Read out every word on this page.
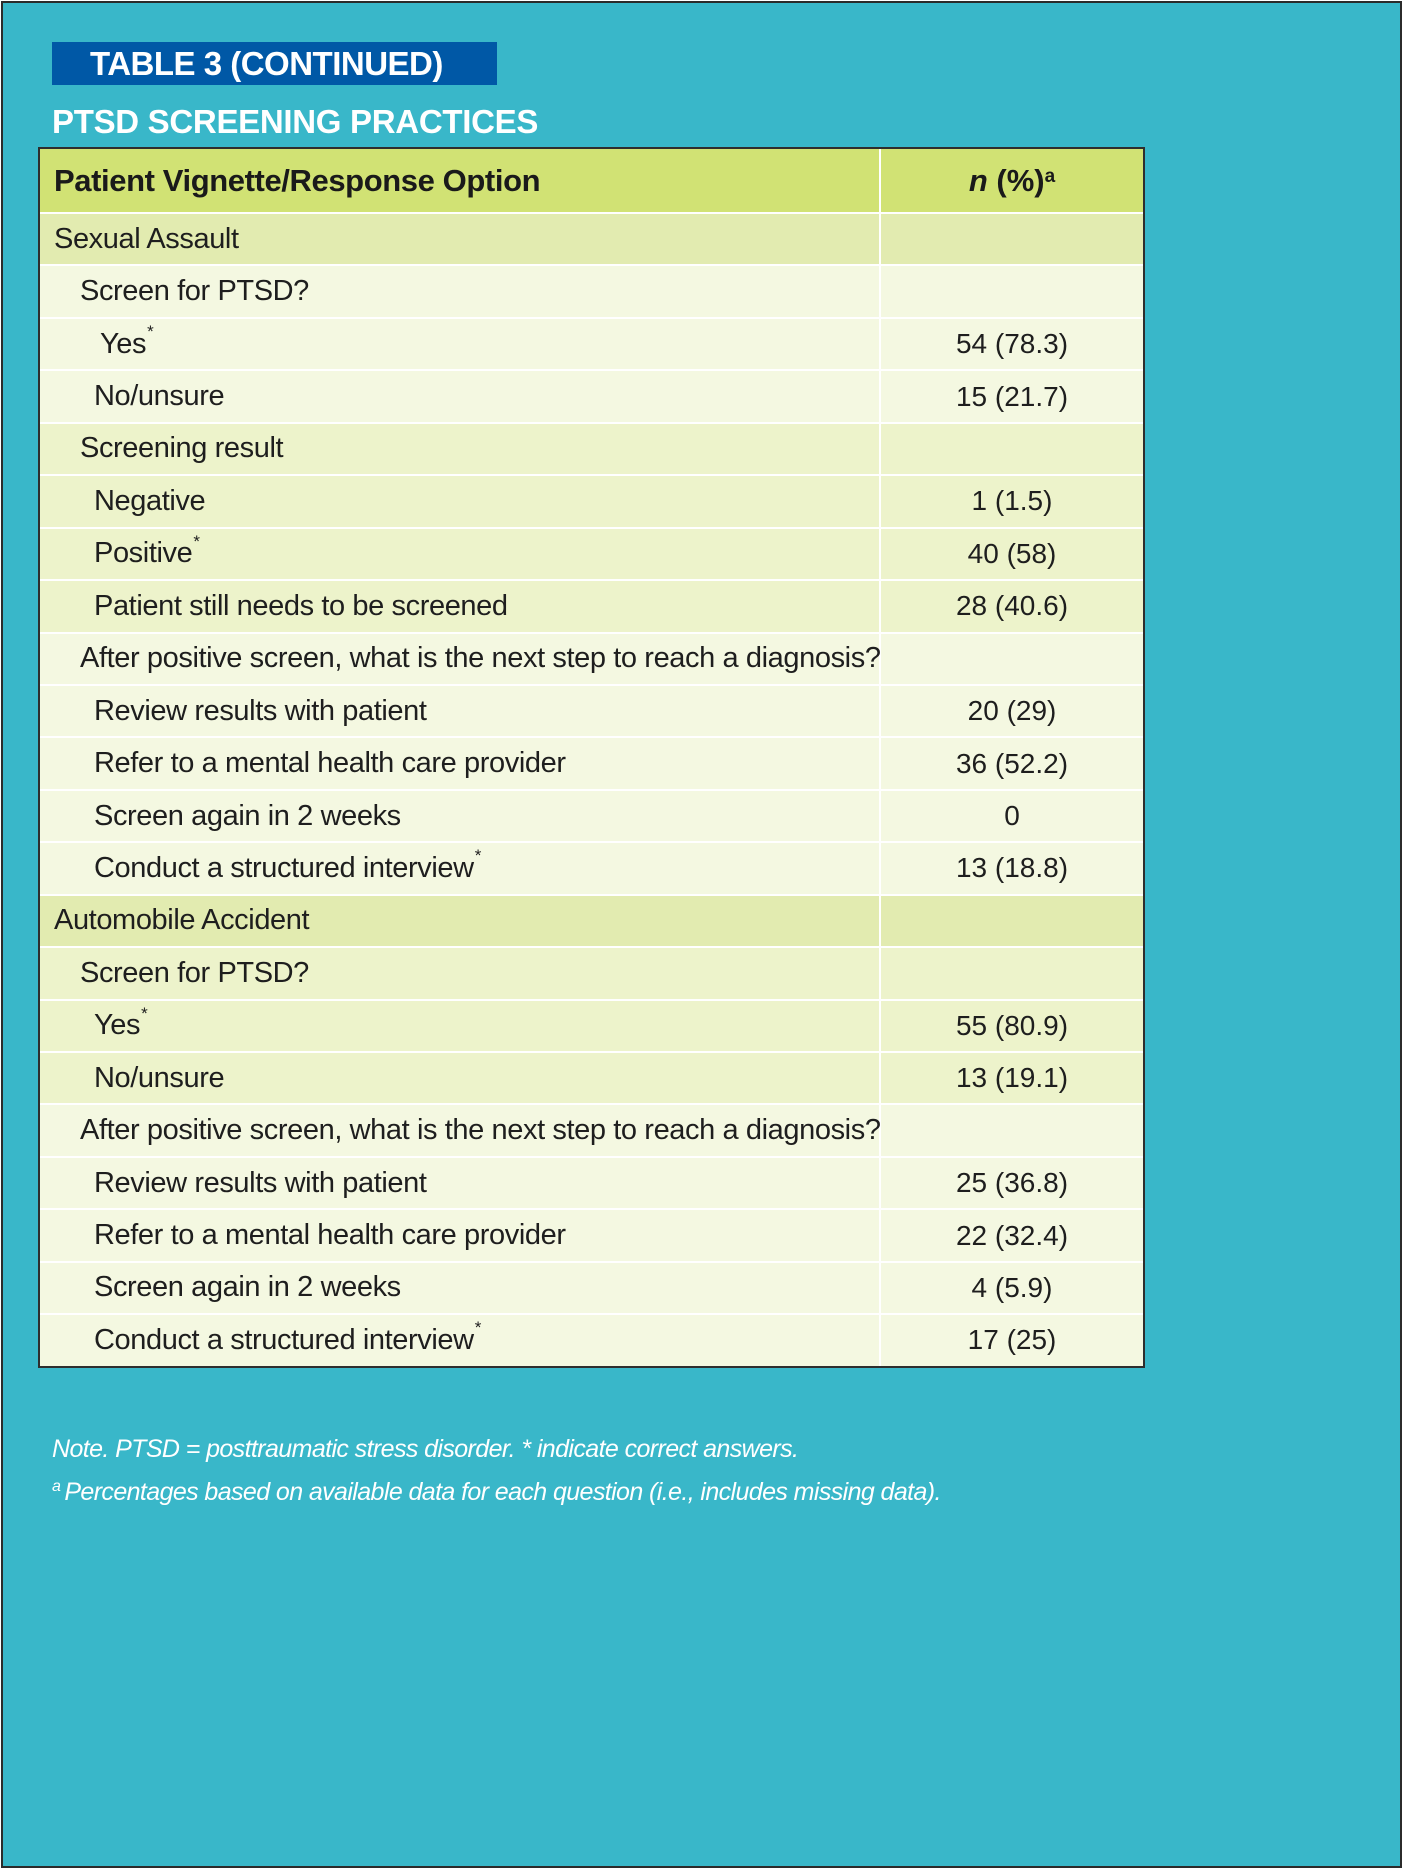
TABLE 3 (CONTINUED)
PTSD SCREENING PRACTICES
Patient Vignette/Response Option	n (%)$^a$
Sexual Assault
Screen for PTSD?
Yes *	54 (78.3)
No/unsure	15 (21.7)
Screening result
Negative	1 (1.5)
Positive *	40 (58)
Patient still needs to be screened	28 (40.6)
After positive screen, what is the next step to reach a diagnosis?
Review results with patient	20 (29)
Refer to a mental health care provider	36 (52.2)
Screen again in 2 weeks	0
Conduct a structured interview *	13 (18.8)
Automobile Accident
Screen for PTSD?
Yes *	55 (80.9)
No/unsure	13 (19.1)
After positive screen, what is the next step to reach a diagnosis?
Review results with patient	25 (36.8)
Refer to a mental health care provider	22 (32.4)
Screen again in 2 weeks	4 (5.9)
Conduct a structured interview *	17 (25)
Note. PTSD = posttraumatic stress disorder. * indicate correct answers.
$^a$ Percentages based on available data for each question (i.e., includes missing data).
